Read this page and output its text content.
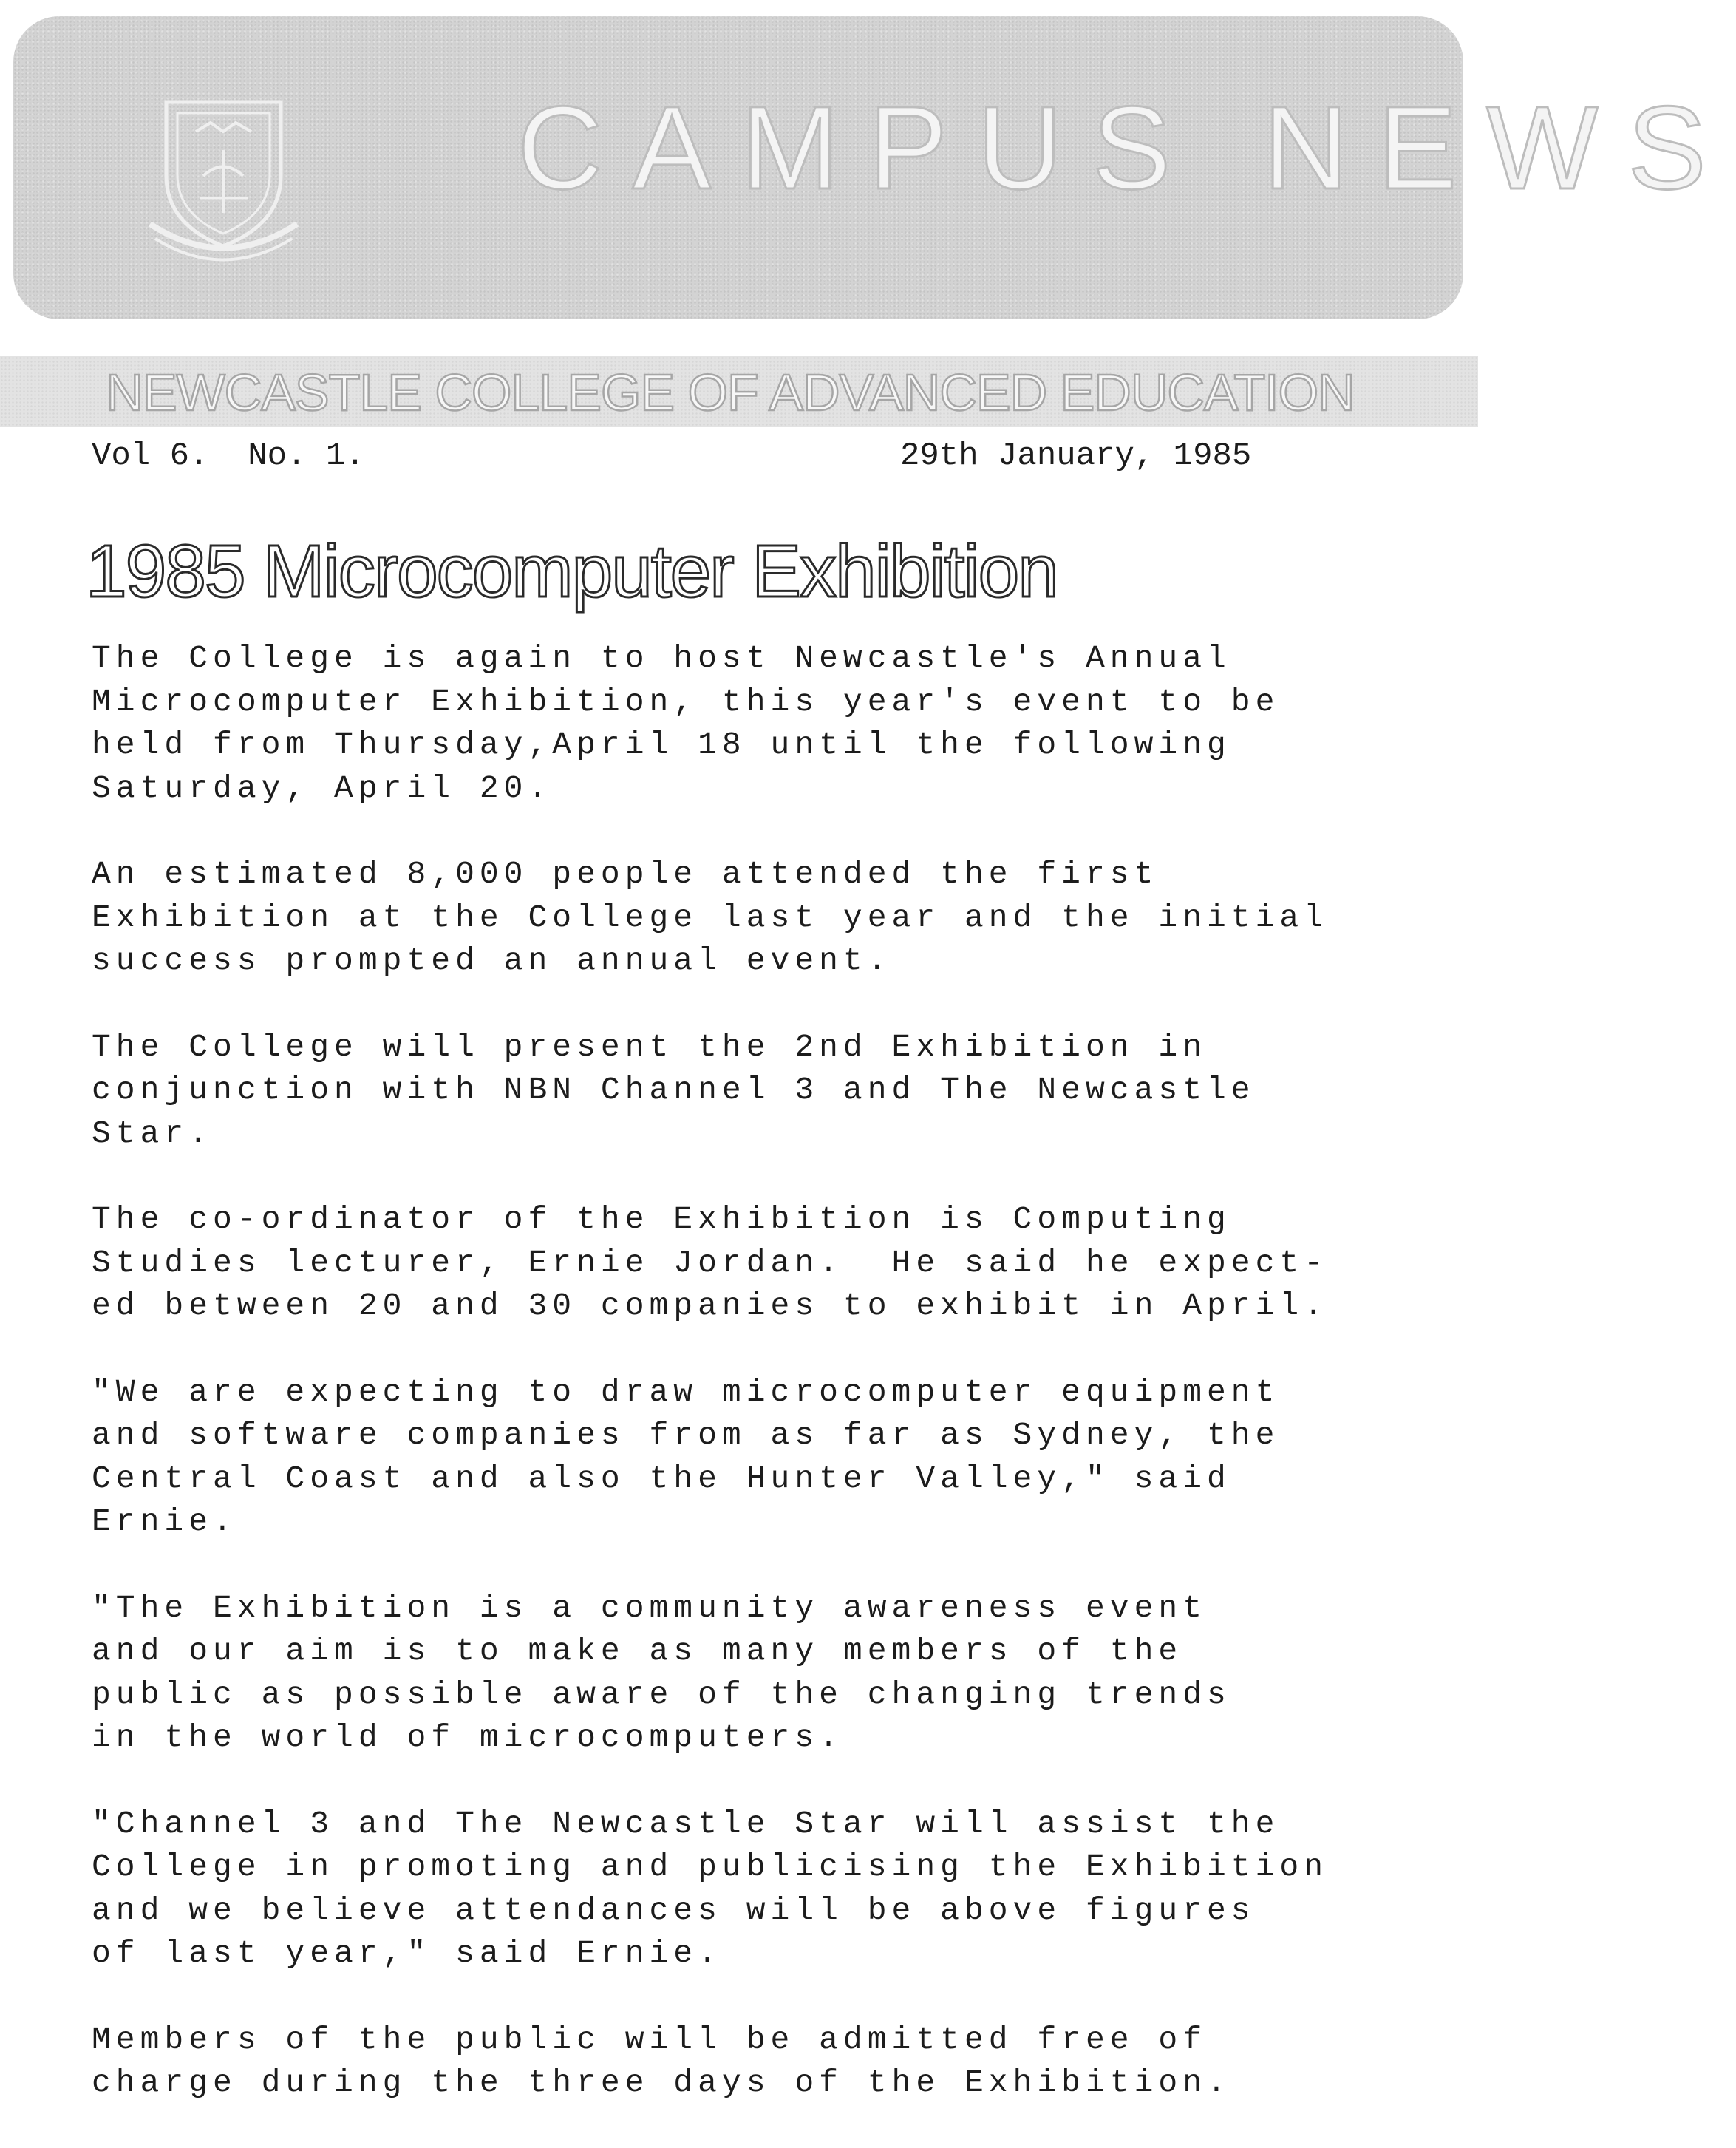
CAMPUS NEWS
NEWCASTLE COLLEGE OF ADVANCED EDUCATION
Vol 6.  No. 1.	29th January, 1985
1985 Microcomputer Exhibition
The College is again to host Newcastle's Annual
Microcomputer Exhibition, this year's event to be
held from Thursday,April 18 until the following
Saturday, April 20.
An estimated 8,000 people attended the first
Exhibition at the College last year and the initial
success prompted an annual event.
The College will present the 2nd Exhibition in
conjunction with NBN Channel 3 and The Newcastle
Star.
The co-ordinator of the Exhibition is Computing
Studies lecturer, Ernie Jordan.  He said he expect-
ed between 20 and 30 companies to exhibit in April.
"We are expecting to draw microcomputer equipment
and software companies from as far as Sydney, the
Central Coast and also the Hunter Valley," said
Ernie.
"The Exhibition is a community awareness event
and our aim is to make as many members of the
public as possible aware of the changing trends
in the world of microcomputers.
"Channel 3 and The Newcastle Star will assist the
College in promoting and publicising the Exhibition
and we believe attendances will be above figures
of last year," said Ernie.
Members of the public will be admitted free of
charge during the three days of the Exhibition.
